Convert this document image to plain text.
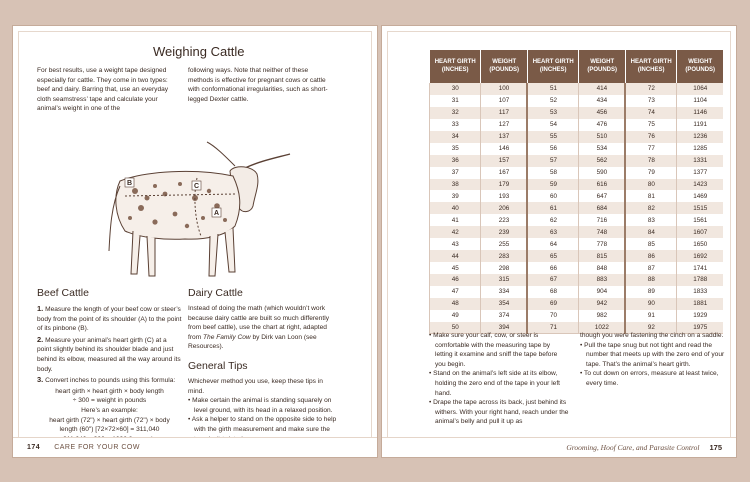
Weighing Cattle
For best results, use a weight tape designed especially for cattle. They come in two types: beef and dairy. Barring that, use an everyday cloth seamstress’ tape and calculate your animal’s weight in one of the
following ways. Note that neither of these methods is effective for pregnant cows or cattle with conformational irregularities, such as short-legged Dexter cattle.
B	C
A
Beef Cattle
1. Measure the length of your beef cow or steer’s body from the point of its shoulder (A) to the point of its pinbone (B).
2. Measure your animal’s heart girth (C) at a point slightly behind its shoulder blade and just behind its elbow, measured all the way around its body.
3. Convert inches to pounds using this formula:
heart girth × heart girth × body length
÷ 300 = weight in pounds
Here’s an example:
heart girth (72") × heart girth (72") × body
length (60") [72×72×60] = 311,040
Dairy Cattle
Instead of doing the math (which wouldn’t work because dairy cattle are built so much differently from beef cattle), use the chart at right, adapted from The Family Cow by Dirk van Loon (see Resources).
General Tips
Whichever method you use, keep these tips in mind.
• Make certain the animal is standing squarely on level ground, with its head in a relaxed position.
• Ask a helper to stand on the opposite side to help with the girth measurement and make sure the
174 CARE FOR YOUR COW
HEART GIRTH (INCHES)	WEIGHT (POUNDS)	HEART GIRTH (INCHES)	WEIGHT (POUNDS)	HEART GIRTH (INCHES)	WEIGHT (POUNDS)
30	100	51	414	72	1064
31	107	52	434	73	1104
32	117	53	456	74	1146
33	127	54	476	75	1191
34	137	55	510	76	1236
35	146	56	534	77	1285
36	157	57	562	78	1331
37	167	58	590	79	1377
38	179	59	616	80	1423
39	193	60	647	81	1469
40	206	61	684	82	1515
41	223	62	716	83	1561
42	239	63	748	84	1607
43	255	64	778	85	1650
44	283	65	815	86	1692
45	298	66	848	87	1741
46	315	67	883	88	1788
47	334	68	904	89	1833
48	354	69	942	90	1881
49	374	70	982	91	1929
50	394	71	1022	92	1975
• Make sure your calf, cow, or steer is comfortable with the measuring tape by letting it examine and sniff the tape before you begin.
• Stand on the animal’s left side at its elbow, holding the zero end of the tape in your left hand.
• Drape the tape across its back, just behind its withers. With your right hand, reach under the animal’s belly and pull it up as
though you were fastening the cinch on a saddle.
• Pull the tape snug but not tight and read the number that meets up with the zero end of your tape. That’s the animal’s heart girth.
• To cut down on errors, measure at least twice, every time.
Grooming, Hoof Care, and Parasite Control 175
